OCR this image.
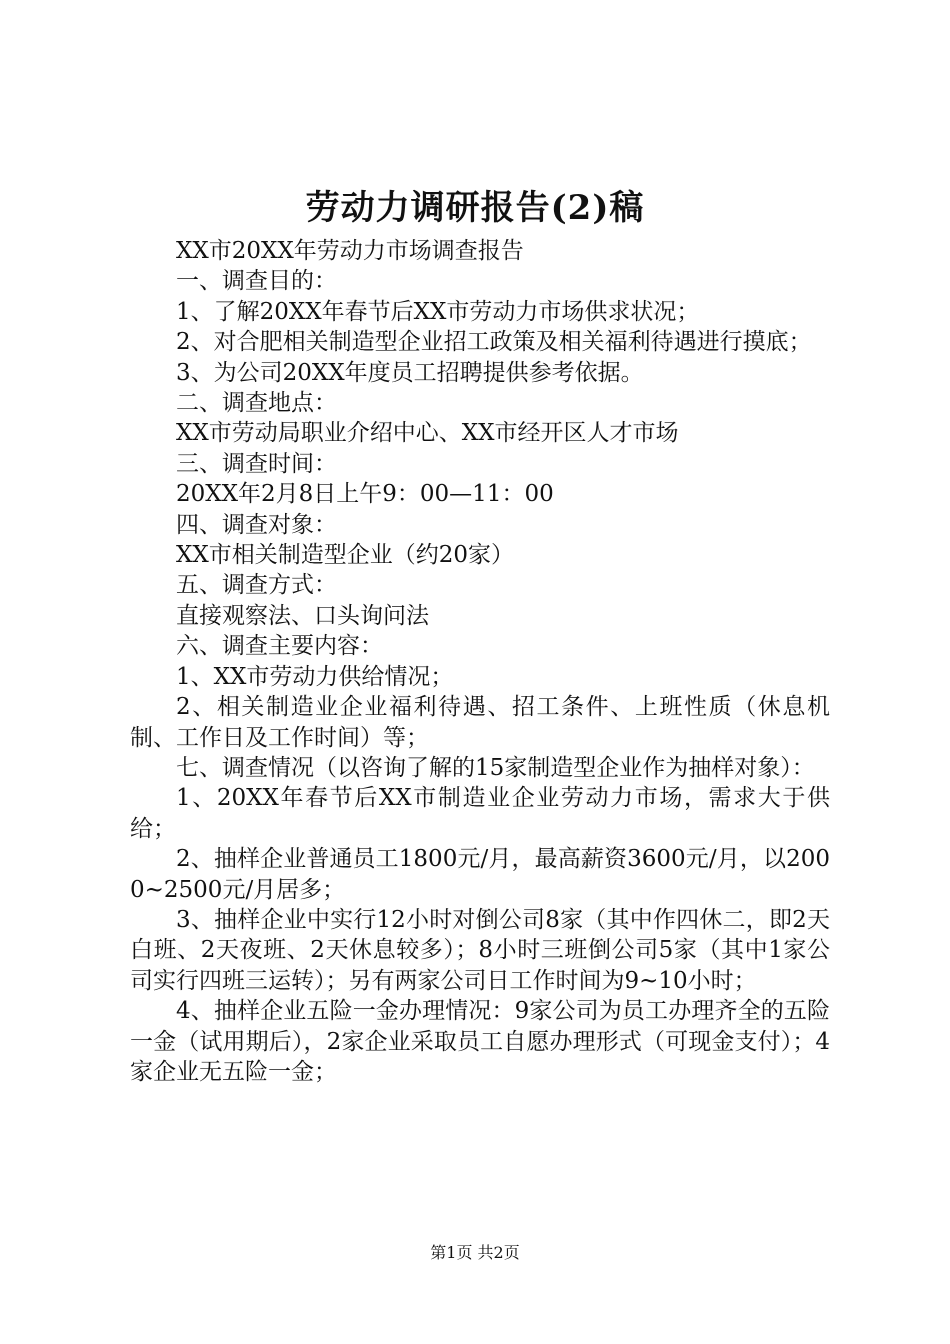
劳动力调研报告(2)稿

XX市20XX年劳动力市场调查报告

一、调查目的：

1、了解20XX年春节后XX市劳动力市场供求状况；

2、对合肥相关制造型企业招工政策及相关福利待遇进行摸底；

3、为公司20XX年度员工招聘提供参考依据。

二、调查地点：

XX市劳动局职业介绍中心、XX市经开区人才市场

三、调查时间：

20XX年2月8日上午9：00—11：00

四、调查对象：

XX市相关制造型企业（约20家）

五、调查方式：

直接观察法、口头询问法

六、调查主要内容：

1、XX市劳动力供给情况；

2、相关制造业企业福利待遇、招工条件、上班性质（休息机制、工作日及工作时间）等；

七、调查情况（以咨询了解的15家制造型企业作为抽样对象）：

1、20XX年春节后XX市制造业企业劳动力市场，需求大于供给；

2、抽样企业普通员工1800元/月，最高薪资3600元/月，以2000~2500元/月居多；

3、抽样企业中实行12小时对倒公司8家（其中作四休二，即2天白班、2天夜班、2天休息较多）；8小时三班倒公司5家（其中1家公司实行四班三运转）；另有两家公司日工作时间为9~10小时；

4、抽样企业五险一金办理情况：9家公司为员工办理齐全的五险一金（试用期后），2家企业采取员工自愿办理形式（可现金支付）；4家企业无五险一金；

第1页 共2页
